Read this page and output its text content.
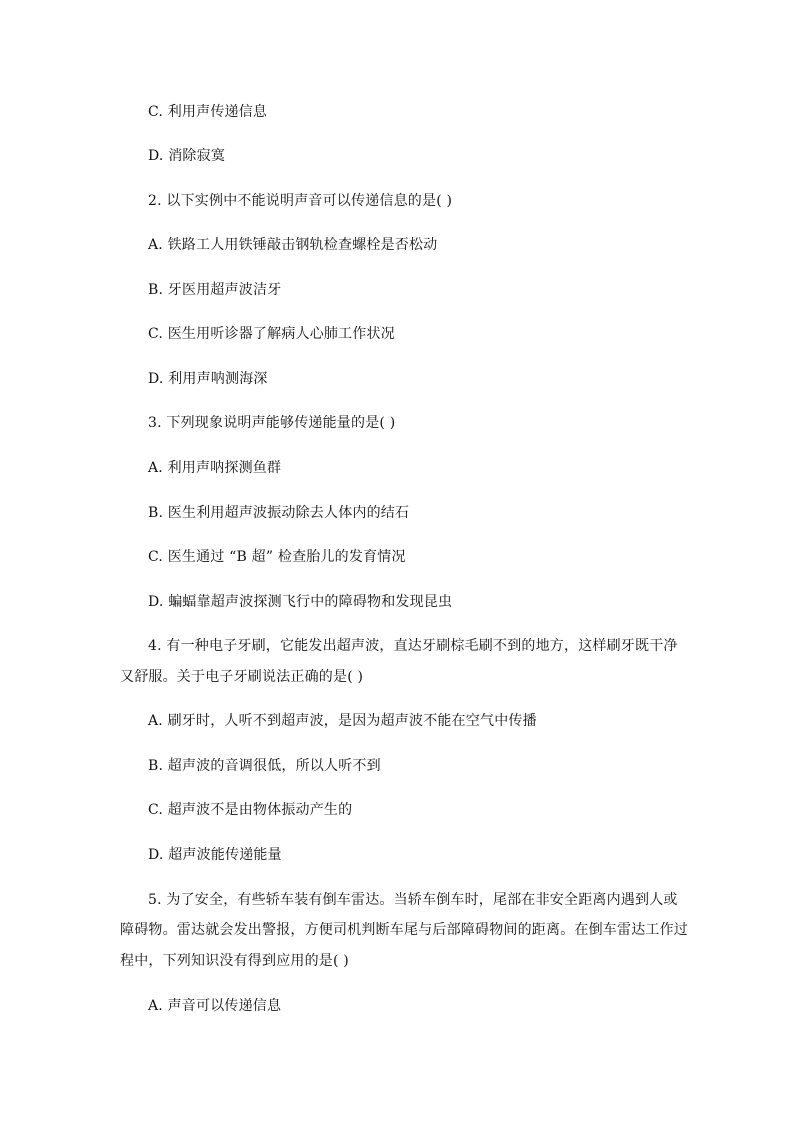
C. 利用声传递信息
D. 消除寂寞
2. 以下实例中不能说明声音可以传递信息的是( )
A. 铁路工人用铁锤敲击钢轨检查螺栓是否松动
B. 牙医用超声波洁牙
C. 医生用听诊器了解病人心肺工作状况
D. 利用声呐测海深
3. 下列现象说明声能够传递能量的是( )
A. 利用声呐探测鱼群
B. 医生利用超声波振动除去人体内的结石
C. 医生通过 “B 超” 检查胎儿的发育情况
D. 蝙蝠靠超声波探测飞行中的障碍物和发现昆虫
4. 有一种电子牙刷，它能发出超声波，直达牙刷棕毛刷不到的地方，这样刷牙既干净
又舒服。关于电子牙刷说法正确的是( )
A. 刷牙时，人听不到超声波，是因为超声波不能在空气中传播
B. 超声波的音调很低，所以人听不到
C. 超声波不是由物体振动产生的
D. 超声波能传递能量
5. 为了安全，有些轿车装有倒车雷达。当轿车倒车时，尾部在非安全距离内遇到人或
障碍物。雷达就会发出警报，方便司机判断车尾与后部障碍物间的距离。在倒车雷达工作过
程中，下列知识没有得到应用的是( )
A. 声音可以传递信息
